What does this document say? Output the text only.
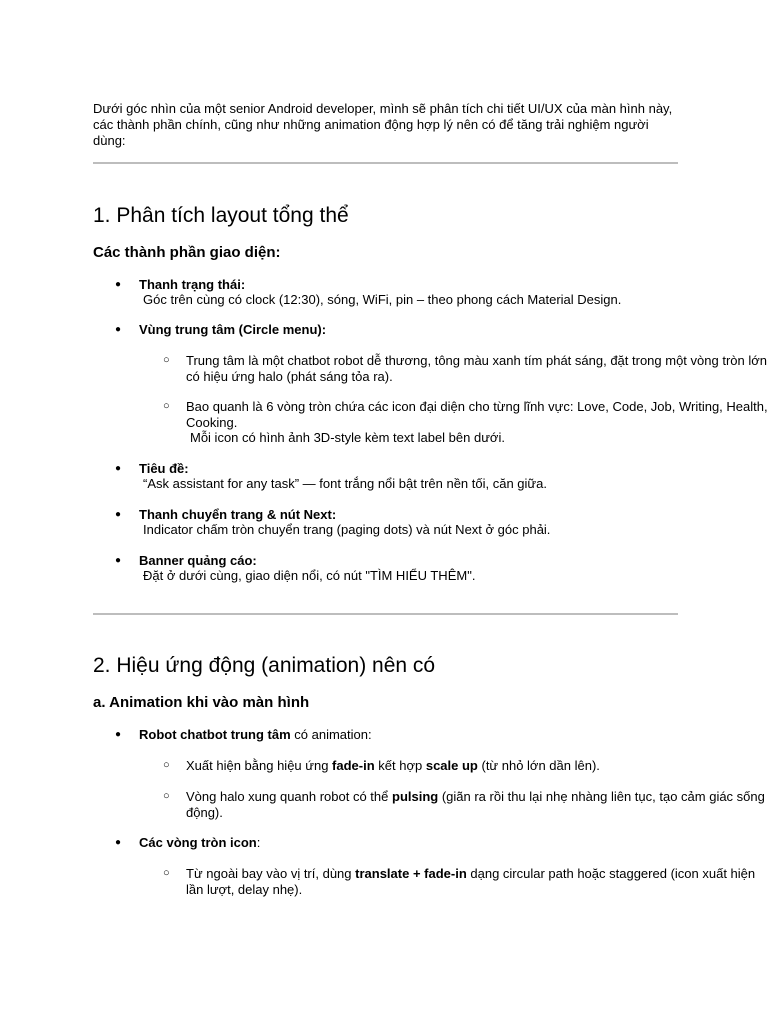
Dưới góc nhìn của một senior Android developer, mình sẽ phân tích chi tiết UI/UX của màn hình này, các thành phần chính, cũng như những animation động hợp lý nên có để tăng trải nghiệm người dùng:

1. Phân tích layout tổng thể
Các thành phần giao diện:
● Thanh trạng thái:
Góc trên cùng có clock (12:30), sóng, WiFi, pin – theo phong cách Material Design.
● Vùng trung tâm (Circle menu):
○ Trung tâm là một chatbot robot dễ thương, tông màu xanh tím phát sáng, đặt trong một vòng tròn lớn có hiệu ứng halo (phát sáng tỏa ra).
○ Bao quanh là 6 vòng tròn chứa các icon đại diện cho từng lĩnh vực: Love, Code, Job, Writing, Health, Cooking.
Mỗi icon có hình ảnh 3D-style kèm text label bên dưới.
● Tiêu đề:
“Ask assistant for any task” — font trắng nổi bật trên nền tối, căn giữa.
● Thanh chuyển trang & nút Next:
Indicator chấm tròn chuyển trang (paging dots) và nút Next ở góc phải.
● Banner quảng cáo:
Đặt ở dưới cùng, giao diện nổi, có nút "TÌM HIỂU THÊM".
2. Hiệu ứng động (animation) nên có
a. Animation khi vào màn hình
● Robot chatbot trung tâm có animation:
○ Xuất hiện bằng hiệu ứng fade-in kết hợp scale up (từ nhỏ lớn dần lên).
○ Vòng halo xung quanh robot có thể pulsing (giãn ra rồi thu lại nhẹ nhàng liên tục, tạo cảm giác sống động).
● Các vòng tròn icon:
○ Từ ngoài bay vào vị trí, dùng translate + fade-in dạng circular path hoặc staggered (icon xuất hiện lần lượt, delay nhẹ).
